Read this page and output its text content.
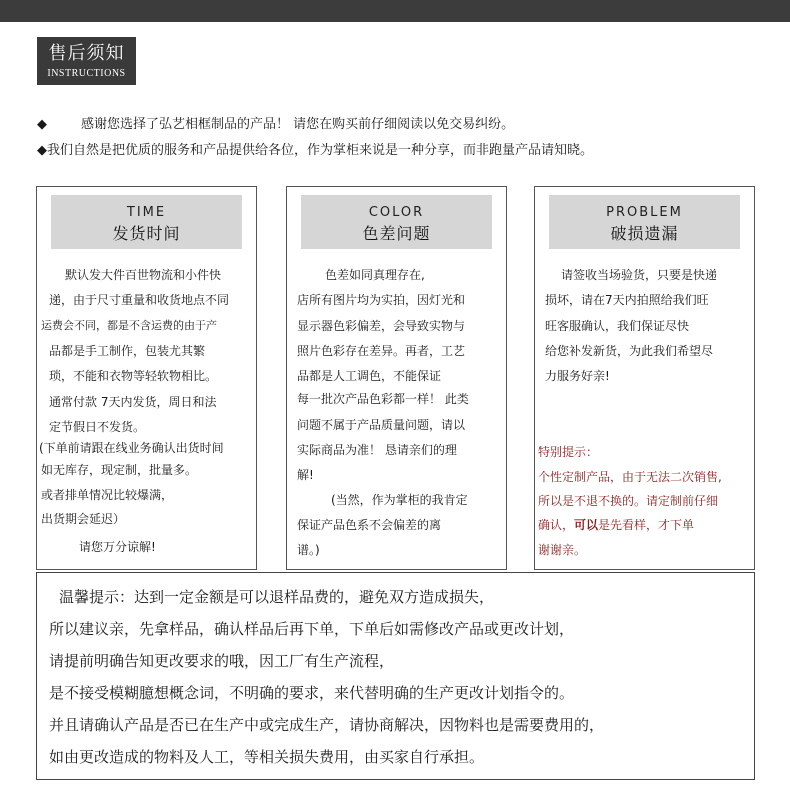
售后须知
INSTRUCTIONS
◆	感谢您选择了弘艺相框制品的产品！ 请您在购买前仔细阅读以免交易纠纷。
◆我们自然是把优质的服务和产品提供给各位，作为掌柜来说是一种分享，而非跑量产品请知晓。
TIME
发货时间
默认发大件百世物流和小件快
递，由于尺寸重量和收货地点不同
运费会不同，都是不含运费的由于产
品都是手工制作，包装尤其繁
琐，不能和衣物等轻软物相比。
通常付款 7天内发货，周日和法
定节假日不发货。
(下单前请跟在线业务确认出货时间
如无库存，现定制，批量多。
或者排单情况比较爆满，
出货期会延迟）
请您万分谅解!
COLOR
色差问题
色差如同真理存在,
店所有图片均为实拍，因灯光和
显示器色彩偏差，会导致实物与
照片色彩存在差异。再者，工艺
品都是人工调色，不能保证
每一批次产品色彩都一样！ 此类
问题不属于产品质量问题，请以
实际商品为准！ 恳请亲们的理
解!
(当然，作为掌柜的我肯定
保证产品色系不会偏差的离
谱。)
PROBLEM
破损遗漏
请签收当场验货，只要是快递
损坏，请在7天内拍照给我们旺
旺客服确认，我们保证尽快
给您补发新货，为此我们希望尽
力服务好亲!
特别提示：
个性定制产品，由于无法二次销售,
所以是不退不换的。请定制前仔细
确认，可以是先看样，才下单
谢谢亲。
温馨提示：达到一定金额是可以退样品费的，避免双方造成损失，
所以建议亲，先拿样品，确认样品后再下单，下单后如需修改产品或更改计划，
请提前明确告知更改要求的哦，因工厂有生产流程，
是不接受模糊臆想概念词，不明确的要求，来代替明确的生产更改计划指令的。
并且请确认产品是否已在生产中或完成生产，请协商解决，因物料也是需要费用的，
如由更改造成的物料及人工，等相关损失费用，由买家自行承担。
